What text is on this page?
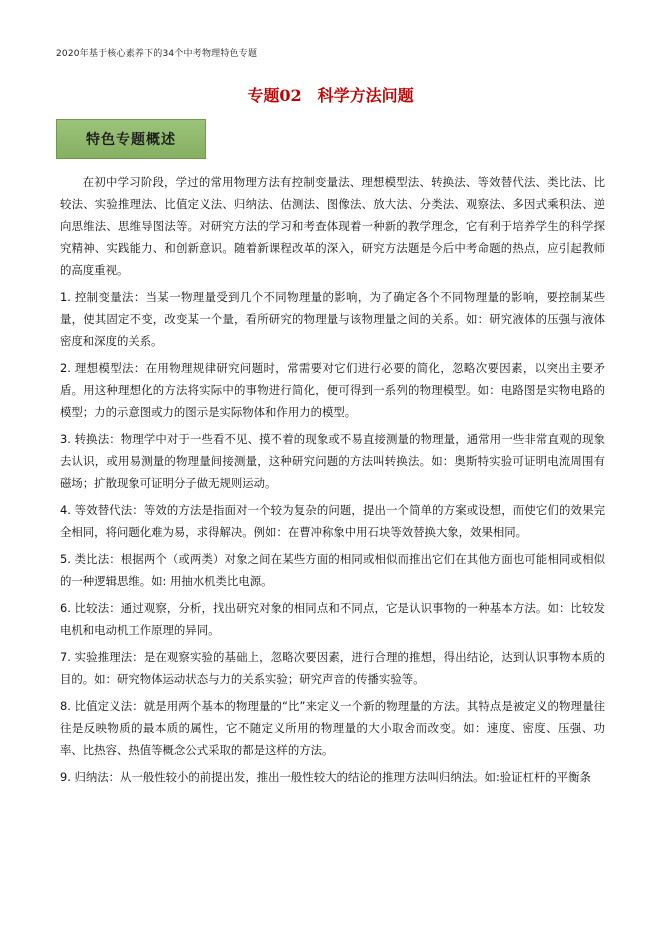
2020年基于核心素养下的34个中考物理特色专题
专题02　科学方法问题
特色专题概述

在初中学习阶段，学过的常用物理方法有控制变量法、理想模型法、转换法、等效替代法、类比法、比较法、实验推理法、比值定义法、归纳法、估测法、图像法、放大法、分类法、观察法、多因式乘积法、逆向思维法、思维导图法等。对研究方法的学习和考查体现着一种新的教学理念，它有利于培养学生的科学探究精神、实践能力、和创新意识。随着新课程改革的深入，研究方法题是今后中考命题的热点，应引起教师的高度重视。

1. 控制变量法：当某一物理量受到几个不同物理量的影响，为了确定各个不同物理量的影响，要控制某些量，使其固定不变，改变某一个量，看所研究的物理量与该物理量之间的关系。如：研究液体的压强与液体密度和深度的关系。

2. 理想模型法：在用物理规律研究问题时，常需要对它们进行必要的简化，忽略次要因素，以突出主要矛盾。用这种理想化的方法将实际中的事物进行简化，便可得到一系列的物理模型。如：电路图是实物电路的模型；力的示意图或力的图示是实际物体和作用力的模型。

3. 转换法：物理学中对于一些看不见、摸不着的现象或不易直接测量的物理量，通常用一些非常直观的现象去认识，或用易测量的物理量间接测量，这种研究问题的方法叫转换法。如：奥斯特实验可证明电流周围有磁场；扩散现象可证明分子做无规则运动。

4. 等效替代法：等效的方法是指面对一个较为复杂的问题，提出一个简单的方案或设想，而使它们的效果完全相同，将问题化难为易，求得解决。例如：在曹冲称象中用石块等效替换大象，效果相同。

5. 类比法：根据两个（或两类）对象之间在某些方面的相同或相似而推出它们在其他方面也可能相同或相似的一种逻辑思维。如: 用抽水机类比电源。

6. 比较法：通过观察，分析，找出研究对象的相同点和不同点，它是认识事物的一种基本方法。如：比较发电机和电动机工作原理的异同。

7. 实验推理法：是在观察实验的基础上，忽略次要因素，进行合理的推想，得出结论，达到认识事物本质的目的。如：研究物体运动状态与力的关系实验；研究声音的传播实验等。

8. 比值定义法：就是用两个基本的物理量的“比”来定义一个新的物理量的方法。其特点是被定义的物理量往往是反映物质的最本质的属性，它不随定义所用的物理量的大小取舍而改变。如：速度、密度、压强、功率、比热容、热值等概念公式采取的都是这样的方法。

9. 归纳法：从一般性较小的前提出发，推出一般性较大的结论的推理方法叫归纳法。如:验证杠杆的平衡条
